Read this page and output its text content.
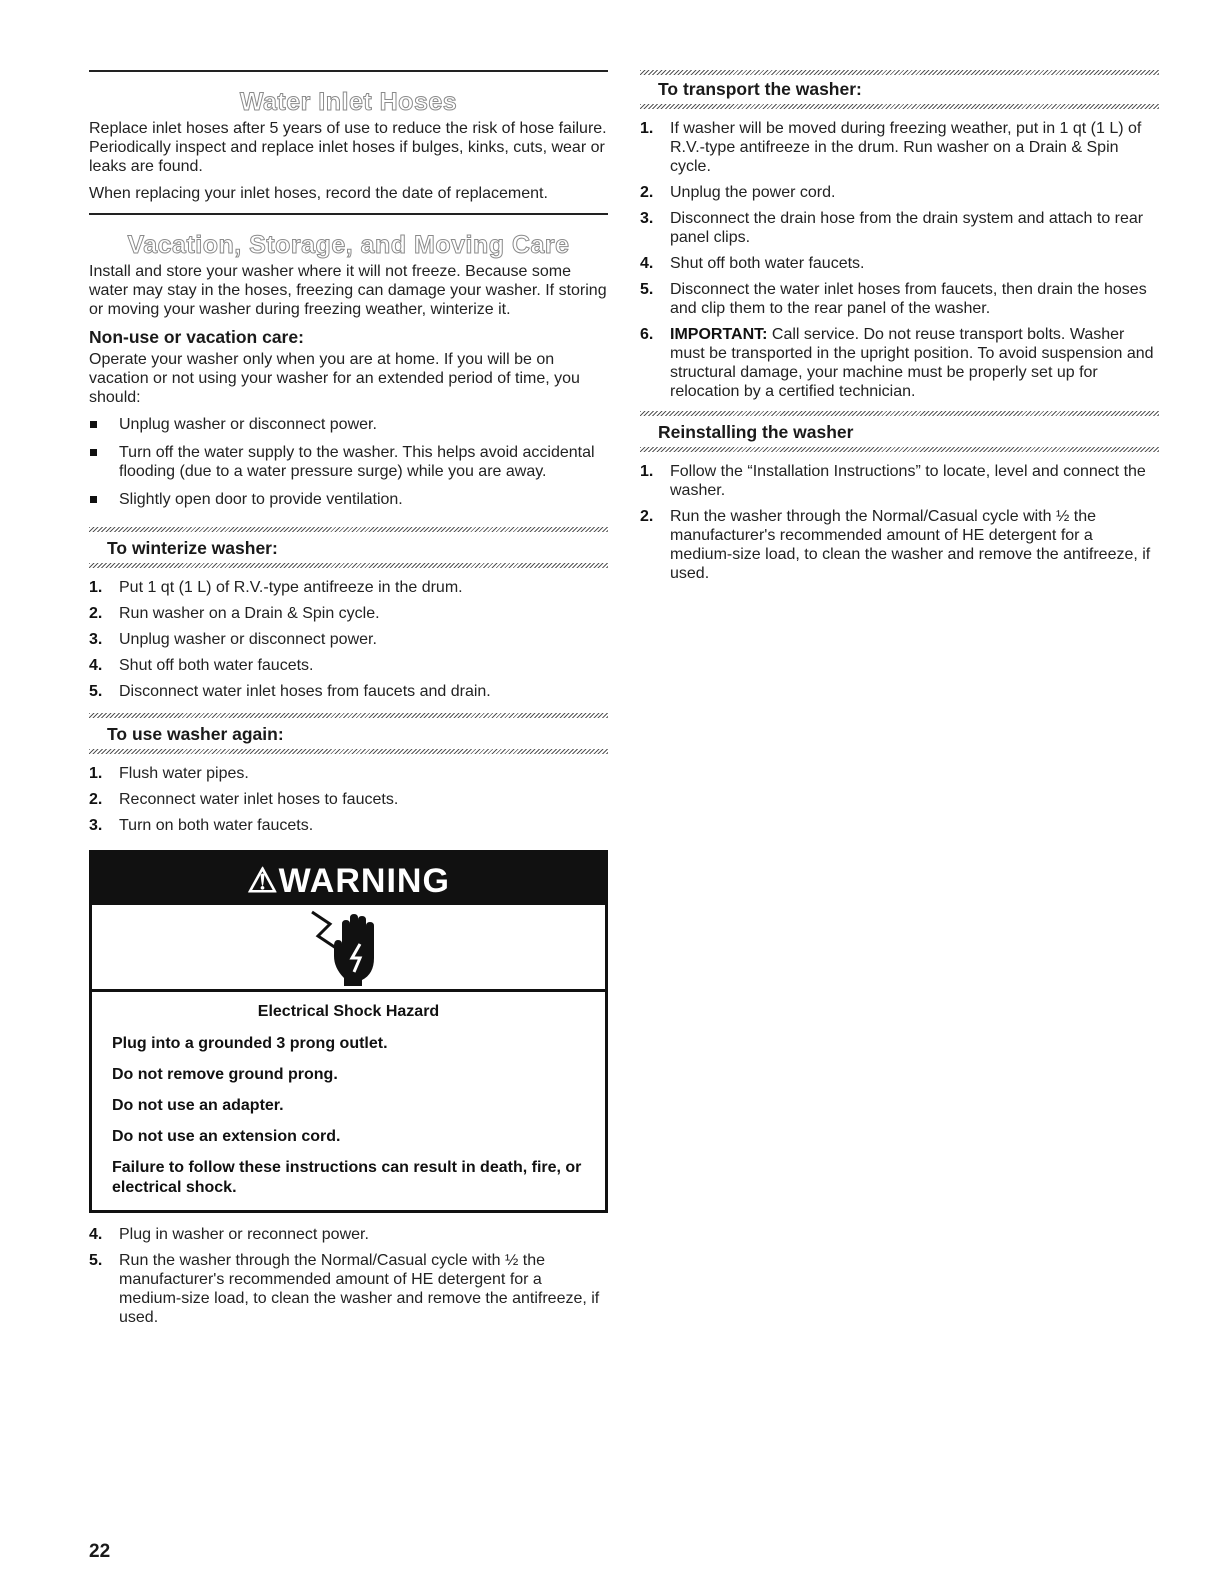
Water Inlet Hoses

Replace inlet hoses after 5 years of use to reduce the risk of hose failure. Periodically inspect and replace inlet hoses if bulges, kinks, cuts, wear or leaks are found.

When replacing your inlet hoses, record the date of replacement.

Vacation, Storage, and Moving Care

Install and store your washer where it will not freeze. Because some water may stay in the hoses, freezing can damage your washer. If storing or moving your washer during freezing weather, winterize it.

Non-use or vacation care:

Operate your washer only when you are at home. If you will be on vacation or not using your washer for an extended period of time, you should:

Unplug washer or disconnect power.
Turn off the water supply to the washer. This helps avoid accidental flooding (due to a water pressure surge) while you are away.
Slightly open door to provide ventilation.
To winterize washer:
1. Put 1 qt (1 L) of R.V.-type antifreeze in the drum.
2. Run washer on a Drain & Spin cycle.
3. Unplug washer or disconnect power.
4. Shut off both water faucets.
5. Disconnect water inlet hoses from faucets and drain.
To use washer again:
1. Flush water pipes.
2. Reconnect water inlet hoses to faucets.
3. Turn on both water faucets.
⚠WARNING
Electrical Shock Hazard
Plug into a grounded 3 prong outlet.
Do not remove ground prong.
Do not use an adapter.
Do not use an extension cord.
Failure to follow these instructions can result in death, fire, or electrical shock.
4. Plug in washer or reconnect power.
5. Run the washer through the Normal/Casual cycle with ½ the manufacturer's recommended amount of HE detergent for a medium-size load, to clean the washer and remove the antifreeze, if used.
To transport the washer:
1. If washer will be moved during freezing weather, put in 1 qt (1 L) of R.V.-type antifreeze in the drum. Run washer on a Drain & Spin cycle.
2. Unplug the power cord.
3. Disconnect the drain hose from the drain system and attach to rear panel clips.
4. Shut off both water faucets.
5. Disconnect the water inlet hoses from faucets, then drain the hoses and clip them to the rear panel of the washer.
6. IMPORTANT: Call service. Do not reuse transport bolts. Washer must be transported in the upright position. To avoid suspension and structural damage, your machine must be properly set up for relocation by a certified technician.
Reinstalling the washer
1. Follow the “Installation Instructions” to locate, level and connect the washer.
2. Run the washer through the Normal/Casual cycle with ½ the manufacturer's recommended amount of HE detergent for a medium-size load, to clean the washer and remove the antifreeze, if used.
22
